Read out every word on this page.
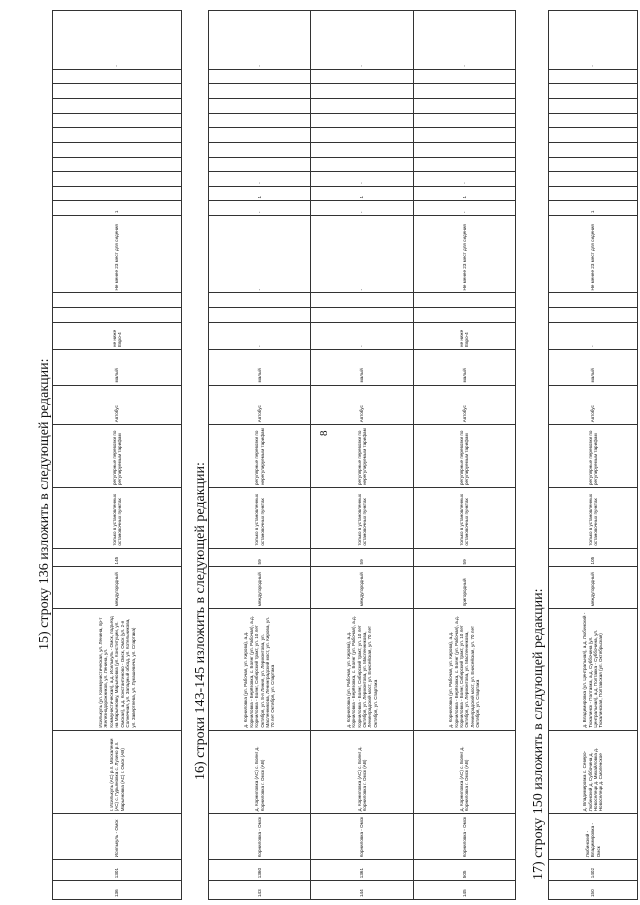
8
15) строку 136 изложить в следующей редакции:
136	1301	Исилькуль - Омск	г. Исилькуль (АС) р.п. Москаленки (АС) с. Гурьяновка с. Лузино р.п. Марьяновка (АС) г. Омск (АВ)	Исилькуль (ул. Коммунистическая, ул. Ленина, пр-т Железнодорожников, ул. Ленина, ул. Коммунистическая), а.д. Исилькуль - Омск, подъезд на Марьяновку, Марьяновка (ул. Конституции, ул. Омская), а.д. Константиново - Омск, Омск (ул. 2-я Солнечная, ул. Западный обход, ул. Котельникова, ул. Завертяева, ул. Лукашевича, ул. Спартака)	междугородный	145	только в установленных остановочных пунктах	регулярные перевозки по регулируемым тарифам	Автобус	малый	не ниже Евро-4			Не менее 23 мест для сидения	1										-
16) строки 143-145 изложить в следующей редакции:
143	1360	Корниловка - Омск	д. Корниловка (АС) с. Боянг д. Корниловка г. Омск (АВ)	д. Корниловка (ул. Рабочая, ул. Кирова), а.д. Корниловка - Берёзовка, с. Боянг (ул. Рабочая), а.д. Корниловка - Боянг, Сибирский тракт, ул. 10 лет Октября, ул. 8-я Линия, ул. Лермонтова, ул. Масленникова, Ленинградский мост, ул. Кирова, ул. 70 лет Октября, ул. Спартака	междугородный	59	только в установленных остановочных пунктах	регулярные перевозки по нерегулируемым тарифам	Автобус	малый	-			-	-	1	-								-
144	1361	Корниловка - Омск	д. Корниловка (АС) с. Боянг д. Корниловка г. Омск (АВ)	д. Корниловка (ул. Рабочая, ул. Кирова), а.д. Корниловка - Берёзовка, с. Боянг (ул. Рабочая), а.д. Корниловка - Боянг, Сибирский тракт, ул. 10 лет Октября, ул. Лермонтова, ул. Масленникова, Ленинградский мост, ул. Енисейская, ул. 70 лет Октября, ул. Спартака	междугородный	59	только в установленных остановочных пунктах	регулярные перевозки по нерегулируемым тарифам	Автобус	малый	-			-	-	1	-								-
145	505	Корниловка - Омск	д. Корниловка (АС) с. Боянг д. Корниловка г. Омск (АВ)	д. Корниловка (ул. Рабочая, ул. Кирова), а.д. Корниловка - Берёзовка, с. Боянг (ул. Рабочая), а.д. Корниловка - Боянг, Сибирский тракт, ул. 10 лет Октября, ул. Лермонтова, ул. Масленникова, Ленинградский мост, ул. Енисейская, ул. 70 лет Октября, ул. Спартака	пригородный	59	только в установленных остановочных пунктах	регулярные перевозки по регулируемым тарифам	Автобус	малый	не ниже Евро-4			Не менее 23 мест для сидения	-	1	-								-
17) строку 150 изложить в следующей редакции:
150	1402	Любинский - Владимировка - Омск	д. Владимировка с. Северо-Любинский д. Суббочина д. Новоселецк д. Михайловка д. Новоселецк д. Смоленское	д. Владимировка (ул. Центральная), а.д. Любинский - Тюкалинск - Полтавка, а.д. Суббочина (ул. Центральная), а.д. Полтавка - Суббочина, ул. Тюкалинская, Полтавская (ул. Октябрьская)	междугородный	105	только в установленных остановочных пунктах	регулярные перевозки по регулируемым тарифам	Автобус	малый	-			Не менее 23 мест для сидения	1										-
